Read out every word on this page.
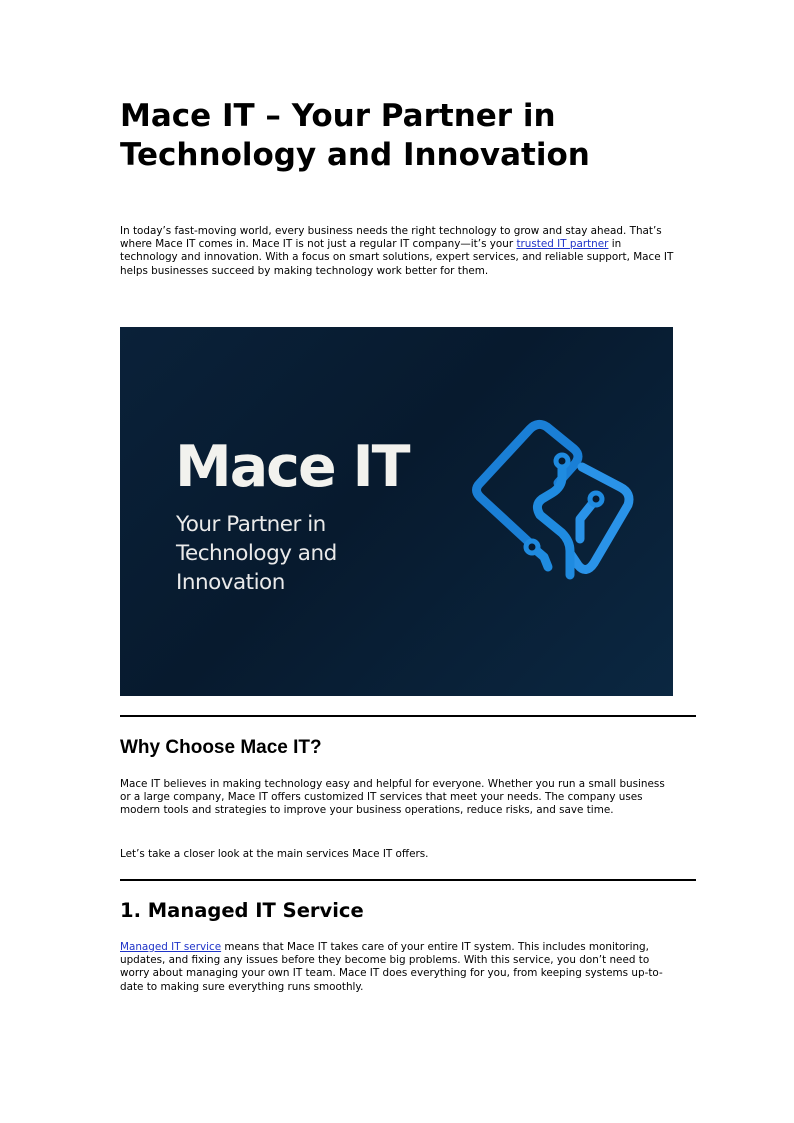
Mace IT – Your Partner in Technology and Innovation

In today’s fast-moving world, every business needs the right technology to grow and stay ahead. That’s where Mace IT comes in. Mace IT is not just a regular IT company—it’s your trusted IT partner in technology and innovation. With a focus on smart solutions, expert services, and reliable support, Mace IT helps businesses succeed by making technology work better for them.

Mace IT
Your Partner in Technology and Innovation
Why Choose Mace IT?

Mace IT believes in making technology easy and helpful for everyone. Whether you run a small business or a large company, Mace IT offers customized IT services that meet your needs. The company uses modern tools and strategies to improve your business operations, reduce risks, and save time.

Let’s take a closer look at the main services Mace IT offers.

1. Managed IT Service

Managed IT service means that Mace IT takes care of your entire IT system. This includes monitoring, updates, and fixing any issues before they become big problems. With this service, you don’t need to worry about managing your own IT team. Mace IT does everything for you, from keeping systems up-to-date to making sure everything runs smoothly.
